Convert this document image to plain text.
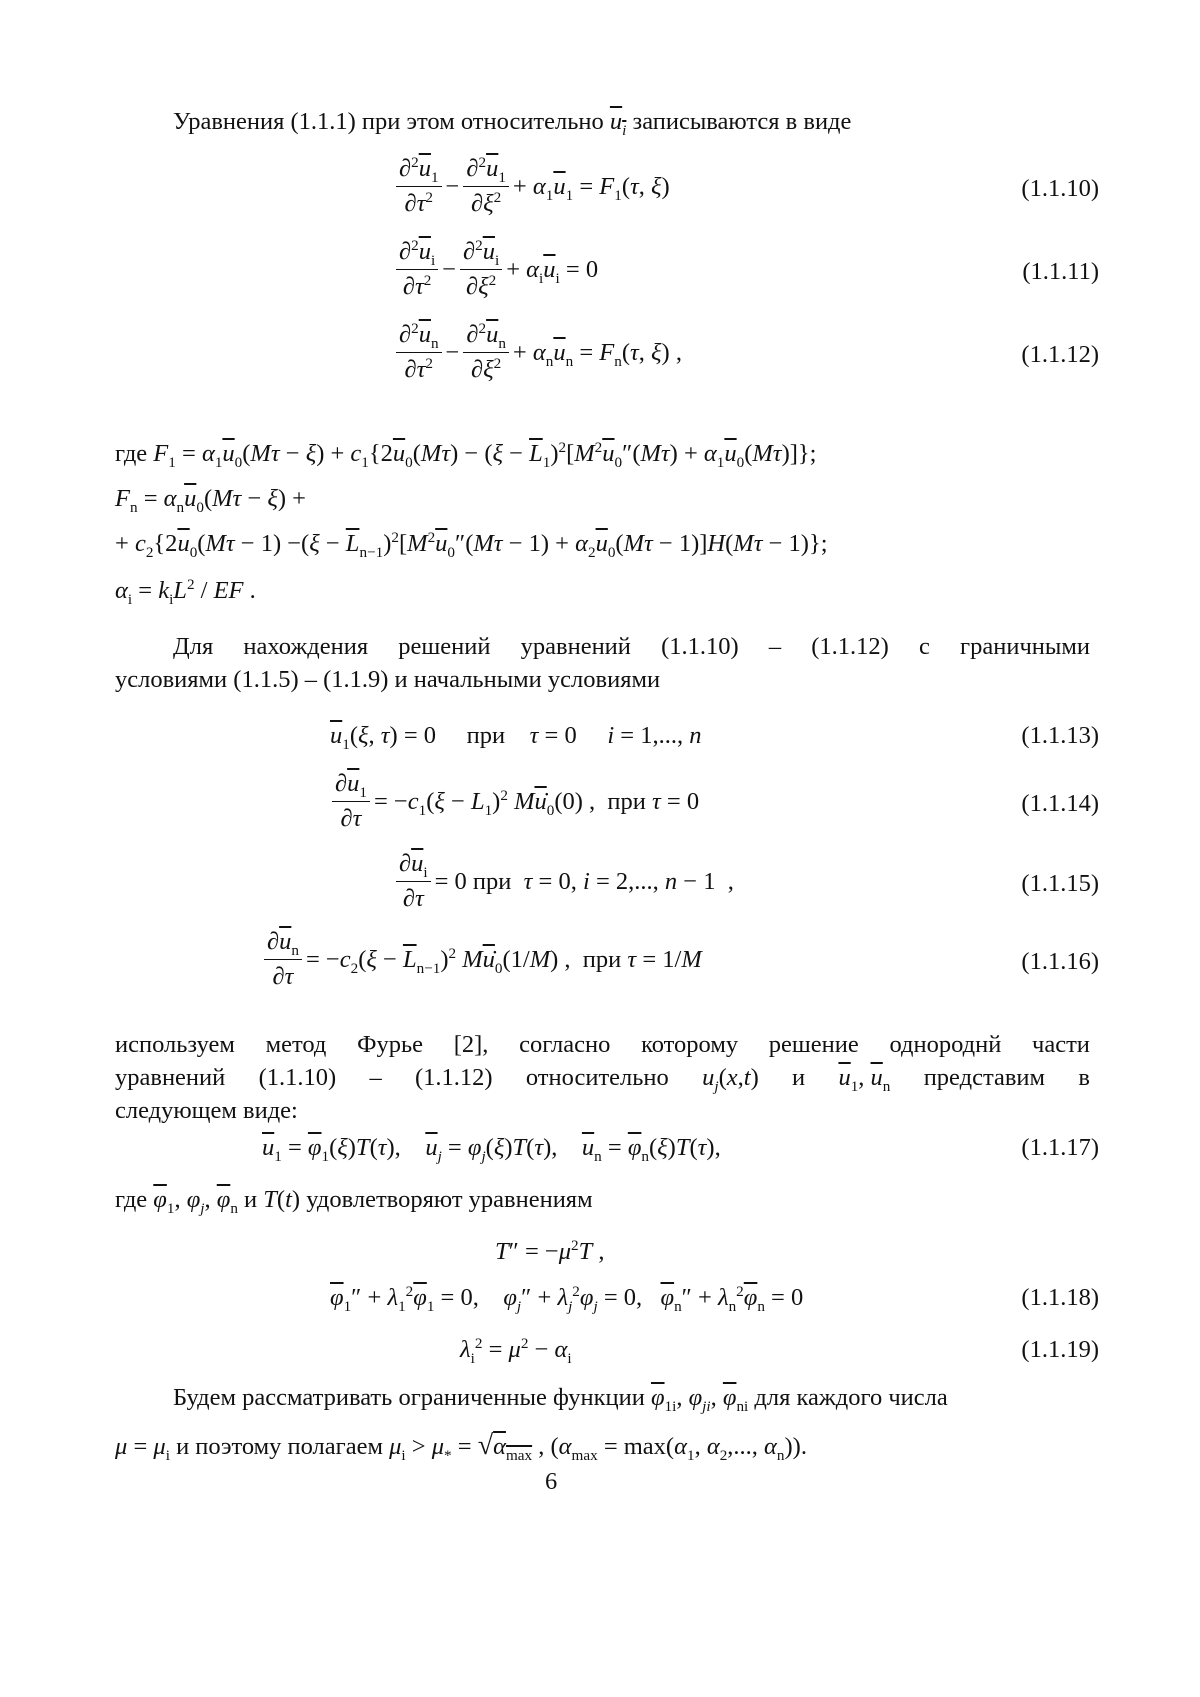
Уравнения (1.1.1) при этом относительно $u_i$ записываются в виде
$\frac{\partial^2\overline{u}_1}{\partial\tau^2} - \frac{\partial^2\overline{u}_1}{\partial\xi^2} + \alpha_1\overline{u}_1 = F_1(\tau$, ξ)	(1.1.10)
$\frac{\partial^2\overline{u}_i}{\partial\tau^2} - \frac{\partial^2\overline{u}_i}{\partial\xi^2} + \alpha_i\overline{u}_i = 0$	(1.1.11)
$\frac{\partial^2\overline{u}_n}{\partial\tau^2} - \frac{\partial^2\overline{u}_n}{\partial\xi^2} + \alpha_n\overline{u}_n = F_n(\tau$, ξ) ,	(1.1.12)
где $F_1 = \alpha_1\overline{u}_0(M\tau - \xi) + c_1\{2\overline{u}_0(M\tau) - (\xi - \overline{L}_1)^2[M^2\overline{u}_0''(M\tau) + \alpha_1\overline{u}_0(M\tau)]\}$;
$F_n = \alpha_n\overline{u}_0(M\tau - \xi)$ +
+ $c_2\{2\overline{u}_0(M\tau - 1) -(\xi - \overline{L}_{n-1})^2[M^2\overline{u}_0''(M\tau - 1) + \alpha_2\overline{u}_0(M\tau - 1)]H(M\tau - 1)\}$;
$\alpha_i = k_iL^2$ / EF .
Для нахождения решений уравнений (1.1.10) – (1.1.12) с граничными
условиями (1.1.5) – (1.1.9) и начальными условиями
$\overline{u}_1(\xi$, τ) = 0     при    τ = 0     i = 1,..., n	(1.1.13)
$\frac{\partial\overline{u}_1}{\partial\tau} = -c_1(\xi - L_1)^2$ $M\overline{u}_0(0)$ ,  при τ = 0	(1.1.14)
$\frac{\partial\overline{u}_i}{\partial\tau} = 0$ при  τ = 0, i = 2,..., n − 1  ,	(1.1.15)
$\frac{\partial\overline{u}_n}{\partial\tau} = -c_2(\xi - \overline{L}_{n-1})^2$ $M\overline{u}_0(1/M)$ ,  при τ = 1/M	(1.1.16)
используем метод Фурье [2], согласно которому решение однороднй части
уравнений (1.1.10) – (1.1.12) относительно $u_j(x,t)$ и $\overline{u}_1$, $\overline{u}_n$ представим в
следующем виде:
$\overline{u}_1 = \overline{\varphi}_1(\xi)T(\tau)$,    $\overline{u}_j = \varphi_j(\xi)T(\tau)$,    $\overline{u}_n = \overline{\varphi}_n(\xi)T(\tau)$,	(1.1.17)
где $\overline{\varphi}_1$, $\varphi_j$, $\overline{\varphi}_n$ и T(t) удовлетворяют уравнениям
$T'' = -\mu^2T$ ,
$\overline{\varphi}_1'' + \lambda_1^2\overline{\varphi}_1 = 0$,    $\varphi_j'' + \lambda_j^2\varphi_j = 0$,   $\overline{\varphi}_n'' + \lambda_n^2\overline{\varphi}_n = 0$	(1.1.18)
$\lambda_i^2 = \mu^2 - \alpha_i$	(1.1.19)
Будем рассматривать ограниченные функции $\overline{\varphi}_{1i}$, $\varphi_{ji}$, $\overline{\varphi}_{ni}$ для каждого числа
$\mu = \mu_i$ и поэтому полагаем $\mu_i > \mu_* = √\alpha_{max}$ , ($\alpha_{max} = \max(\alpha_1$, $\alpha_2$,..., $\alpha_n$)).
6
